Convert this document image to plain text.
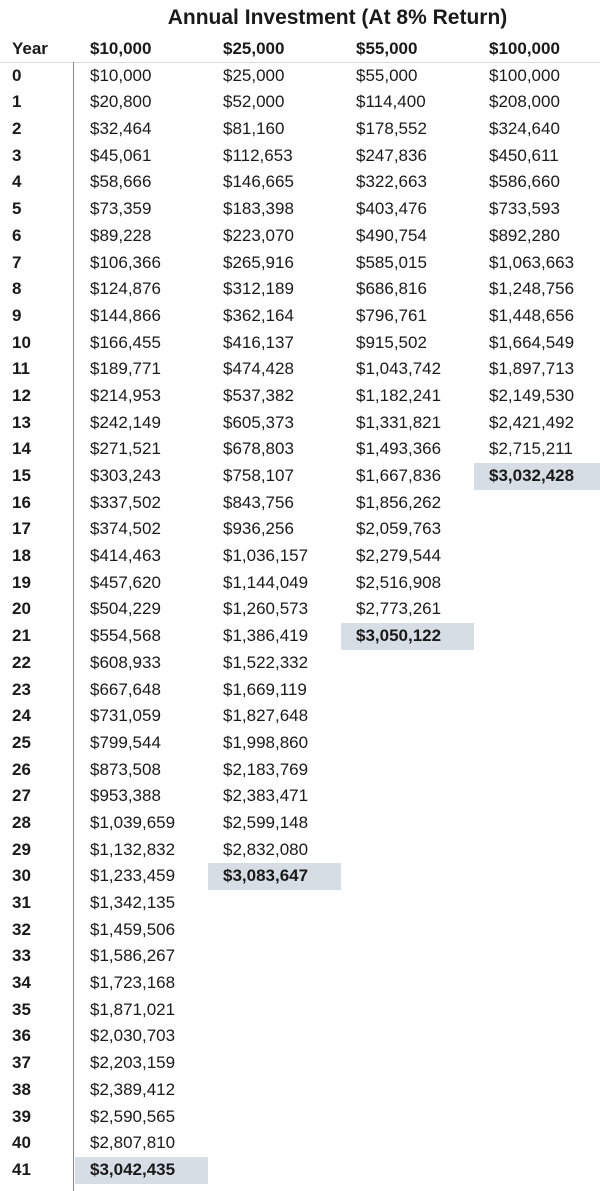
Annual Investment (At 8% Return)
Year	$10,000	$25,000	$55,000	$100,000
0	$10,000	$25,000	$55,000	$100,000
1	$20,800	$52,000	$114,400	$208,000
2	$32,464	$81,160	$178,552	$324,640
3	$45,061	$112,653	$247,836	$450,611
4	$58,666	$146,665	$322,663	$586,660
5	$73,359	$183,398	$403,476	$733,593
6	$89,228	$223,070	$490,754	$892,280
7	$106,366	$265,916	$585,015	$1,063,663
8	$124,876	$312,189	$686,816	$1,248,756
9	$144,866	$362,164	$796,761	$1,448,656
10	$166,455	$416,137	$915,502	$1,664,549
11	$189,771	$474,428	$1,043,742	$1,897,713
12	$214,953	$537,382	$1,182,241	$2,149,530
13	$242,149	$605,373	$1,331,821	$2,421,492
14	$271,521	$678,803	$1,493,366	$2,715,211
15	$303,243	$758,107	$1,667,836	$3,032,428
16	$337,502	$843,756	$1,856,262
17	$374,502	$936,256	$2,059,763
18	$414,463	$1,036,157	$2,279,544
19	$457,620	$1,144,049	$2,516,908
20	$504,229	$1,260,573	$2,773,261
21	$554,568	$1,386,419	$3,050,122
22	$608,933	$1,522,332
23	$667,648	$1,669,119
24	$731,059	$1,827,648
25	$799,544	$1,998,860
26	$873,508	$2,183,769
27	$953,388	$2,383,471
28	$1,039,659	$2,599,148
29	$1,132,832	$2,832,080
30	$1,233,459	$3,083,647
31	$1,342,135
32	$1,459,506
33	$1,586,267
34	$1,723,168
35	$1,871,021
36	$2,030,703
37	$2,203,159
38	$2,389,412
39	$2,590,565
40	$2,807,810
41	$3,042,435
